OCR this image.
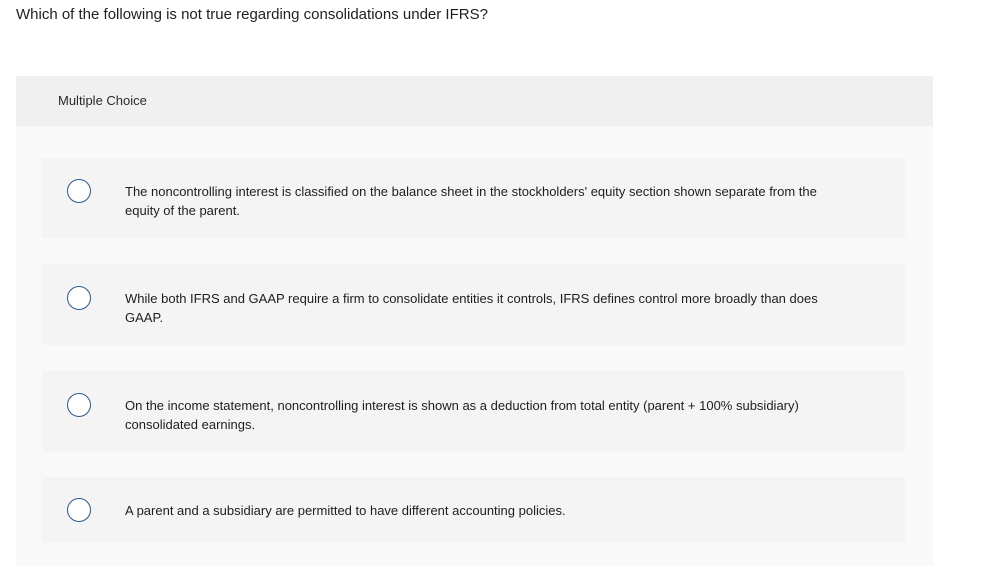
Which of the following is not true regarding consolidations under IFRS?
Multiple Choice
The noncontrolling interest is classified on the balance sheet in the stockholders' equity section shown separate from the equity of the parent.
While both IFRS and GAAP require a firm to consolidate entities it controls, IFRS defines control more broadly than does GAAP.
On the income statement, noncontrolling interest is shown as a deduction from total entity (parent + 100% subsidiary) consolidated earnings.
A parent and a subsidiary are permitted to have different accounting policies.
